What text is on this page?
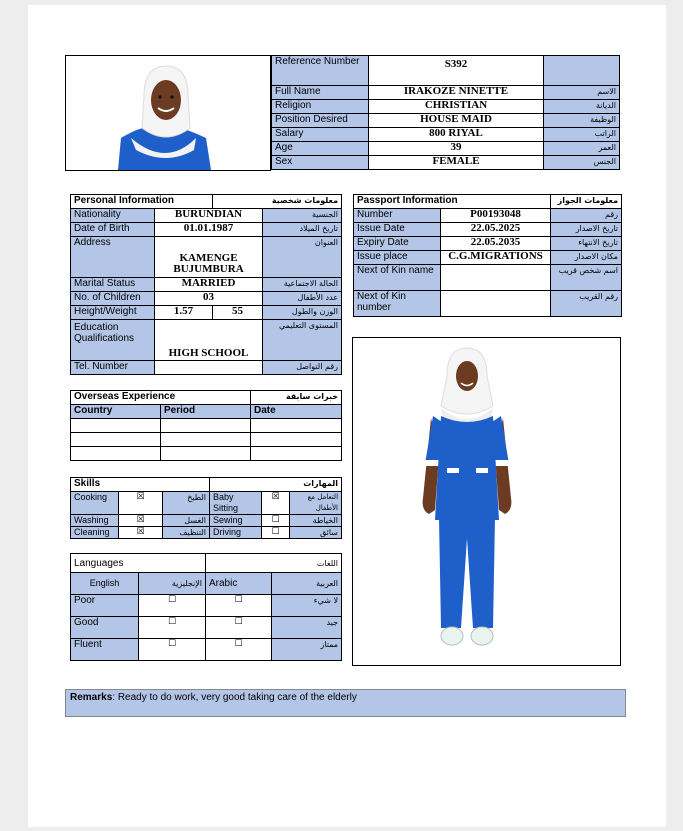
Reference Number	S392	
Full Name	IRAKOZE NINETTE	الاسم
Religion	CHRISTIAN	الديانة
Position Desired	HOUSE MAID	الوظيفة
Salary	800 RIYAL	الراتب
Age	39	العمر
Sex	FEMALE	الجنس
Personal Information		معلومات شخصية	
Nationality	BURUNDIAN		الجنسية
Date of Birth	01.01.1987		تاريخ الميلاد
Address	KAMENGE BUJUMBURA		العنوان
Marital Status	MARRIED		الحالة الاجتماعية
No. of Children	03		عدد الأطفال
Height/Weight	1.57	55	الوزن والطول
Education Qualifications	HIGH SCHOOL		المستوى التعليمي
Tel. Number			رقم التواصل
Passport Information		معلومات الجواز
Number	P00193048	رقم
Issue Date	22.05.2025	تاريخ الاصدار
Expiry Date	22.05.2035	تاريخ الانتهاء
Issue place	C.G.MIGRATIONS	مكان الاصدار
Next of Kin name		اسم شخص قريب
Next of Kin number		رقم القريب
Overseas Experience		خبرات سابقة
Country	Period	Date

Skills			المهارات		
Cooking	☒	الطبخ	Baby Sitting	☒	التعامل مع الأطفال
Washing	☒	الغسل	Sewing	☐	الخياطة
Cleaning	☒	التنظيف	Driving	☐	سائق
Languages		اللغات	
English	الإنجليزية	Arabic	العربية
Poor	☐	☐	لا شيء
Good	☐	☐	جيد
Fluent	☐	☐	ممتاز
Remarks: Ready to do work, very good taking care of the elderly
